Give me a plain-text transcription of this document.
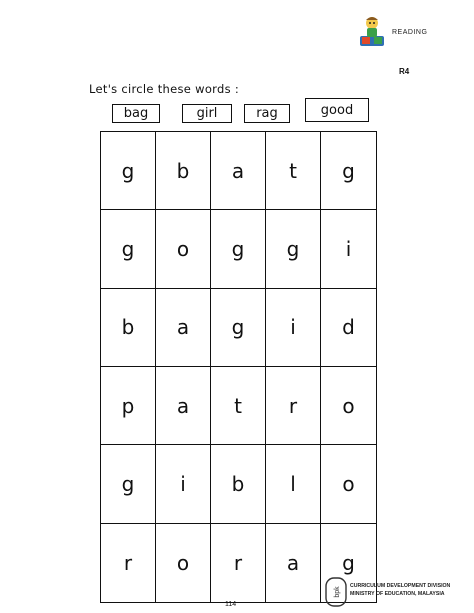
READING
R4
Let's circle these words :
bag	girl	rag	good
g	b	a	t	g
g	o	g	g	i
b	a	g	i	d
p	a	t	r	o
g	i	b	l	o
r	o	r	a	g
114
bpk
CURRICULUM DEVELOPMENT DIVISION
MINISTRY OF EDUCATION, MALAYSIA
